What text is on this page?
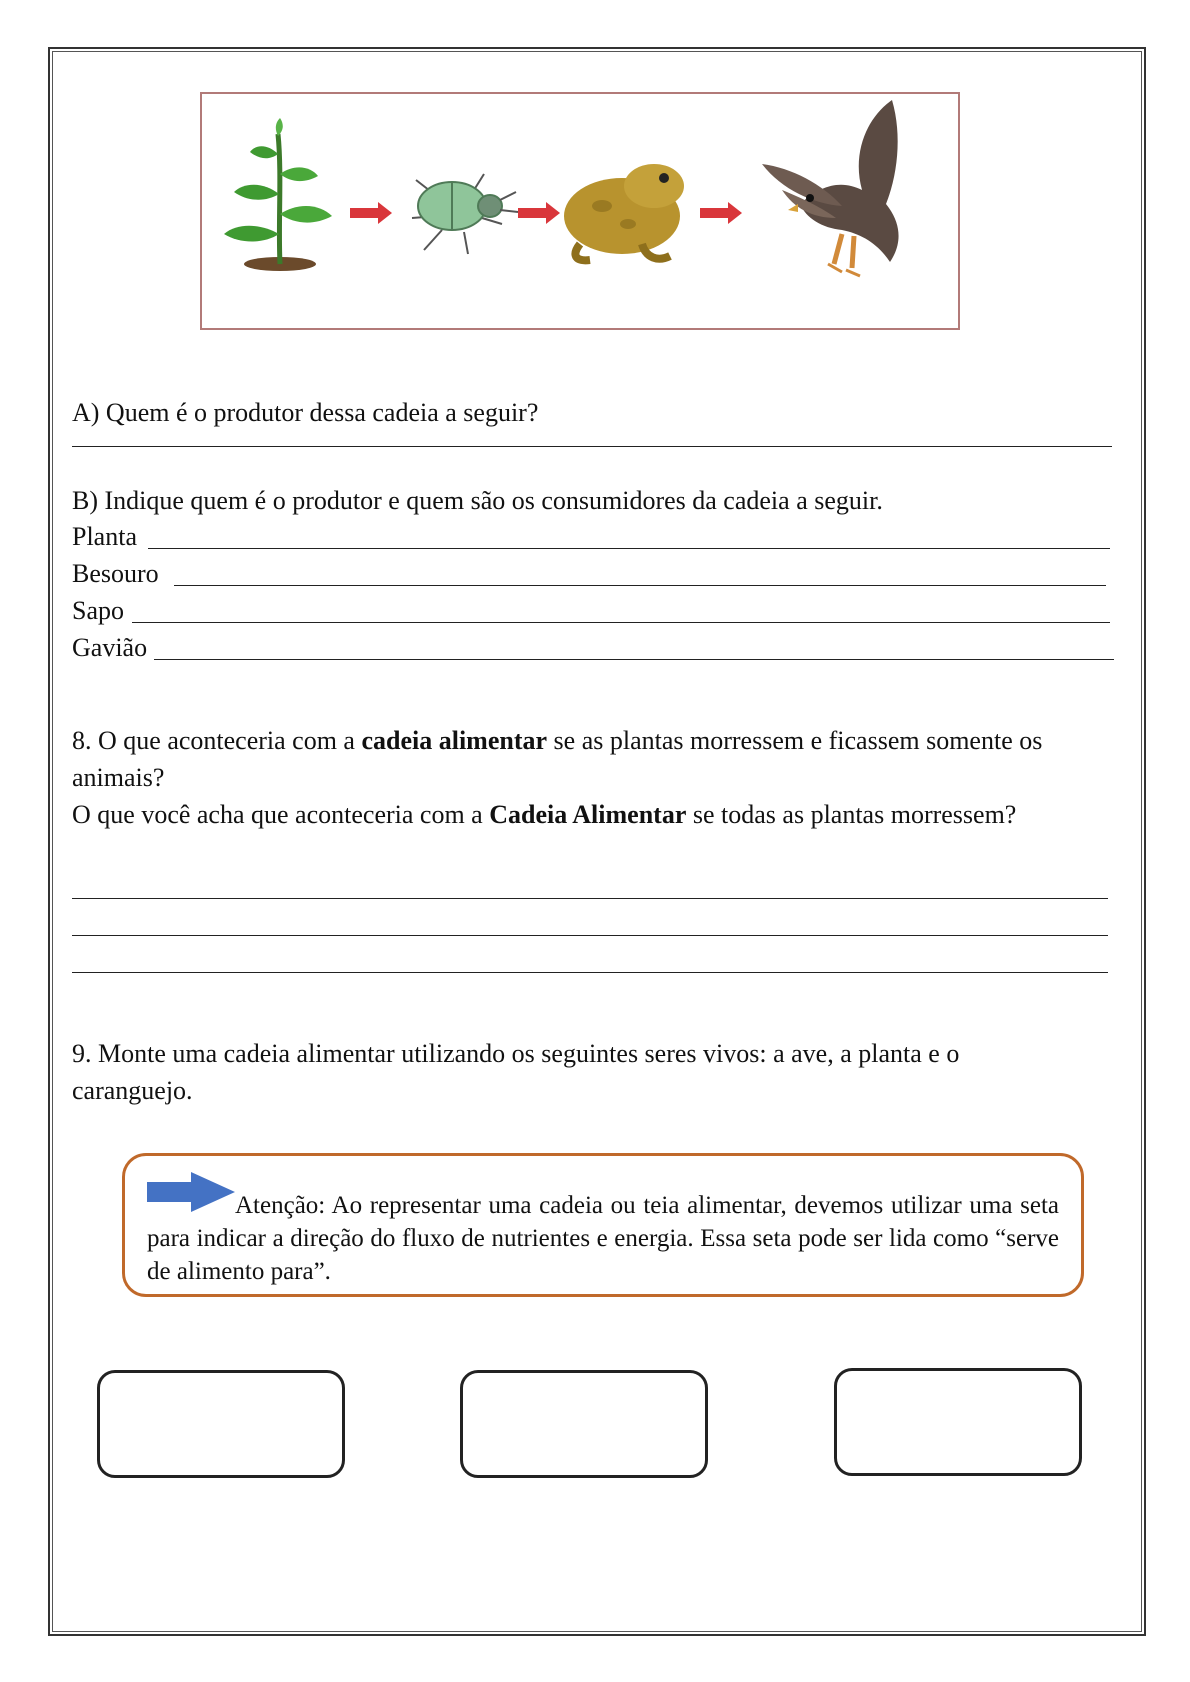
A) Quem é o produtor dessa cadeia a seguir?
B) Indique quem é o produtor e quem são os consumidores da cadeia a seguir.
Planta
Besouro
Sapo
Gavião
8. O que aconteceria com a cadeia alimentar se as plantas morressem e ficassem somente os animais?
O que você acha que aconteceria com a Cadeia Alimentar se todas as plantas morressem?
9. Monte uma cadeia alimentar utilizando os seguintes seres vivos: a ave, a planta e o caranguejo.
Atenção: Ao representar uma cadeia ou teia alimentar, devemos utilizar uma seta para indicar a direção do fluxo de nutrientes e energia. Essa seta pode ser lida como “serve de alimento para”.
